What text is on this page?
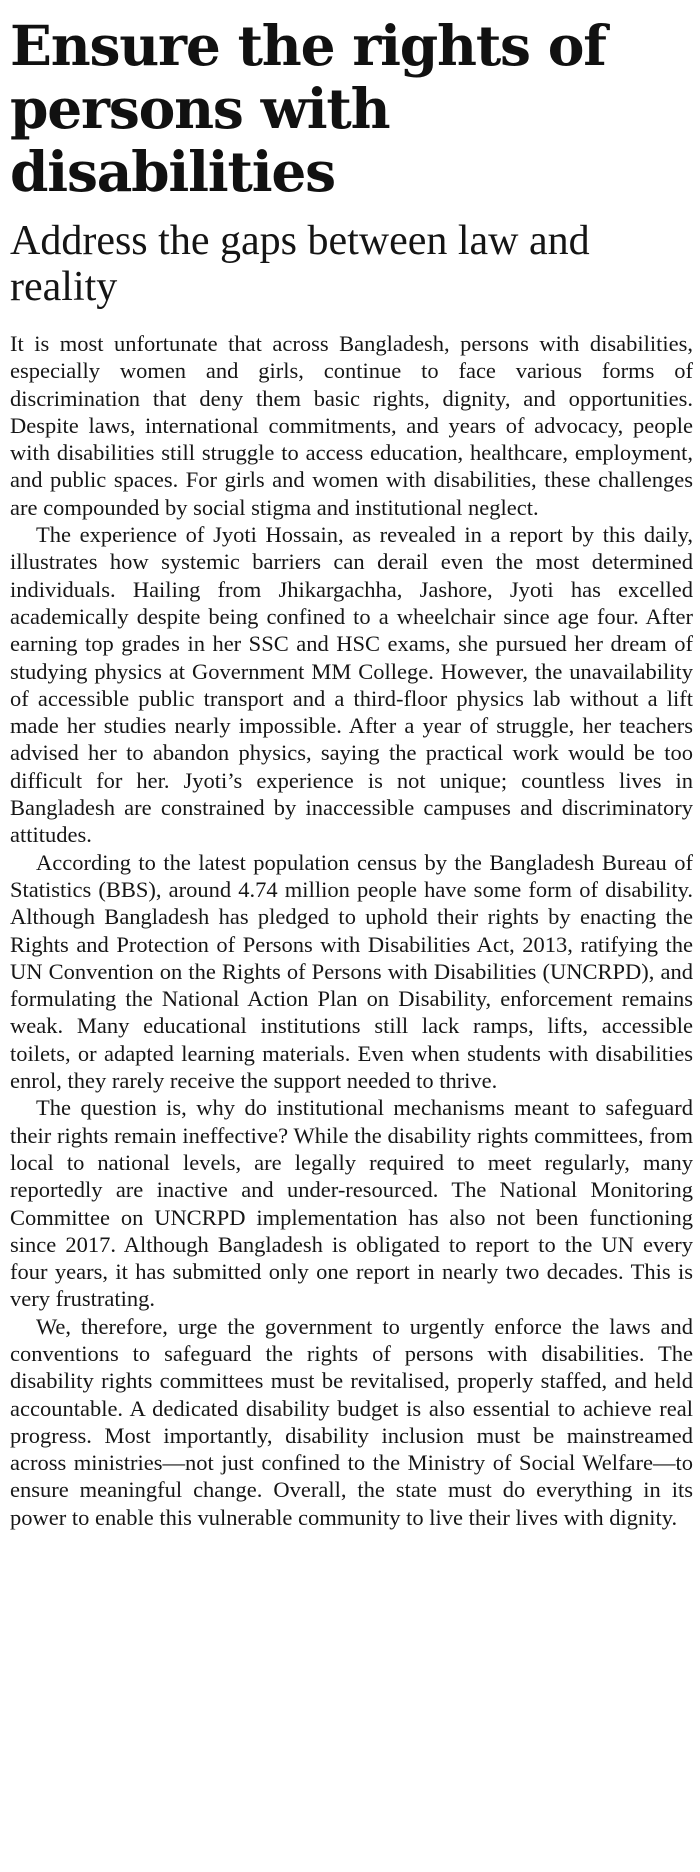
Ensure the rights of persons with disabilities
Address the gaps between law and reality

It is most unfortunate that across Bangladesh, persons with disabilities, especially women and girls, continue to face various forms of discrimination that deny them basic rights, dignity, and opportunities. Despite laws, international commitments, and years of advocacy, people with disabilities still struggle to access education, healthcare, employment, and public spaces. For girls and women with disabilities, these challenges are compounded by social stigma and institutional neglect.

The experience of Jyoti Hossain, as revealed in a report by this daily, illustrates how systemic barriers can derail even the most determined individuals. Hailing from Jhikargachha, Jashore, Jyoti has excelled academically despite being confined to a wheelchair since age four. After earning top grades in her SSC and HSC exams, she pursued her dream of studying physics at Government MM College. However, the unavailability of accessible public transport and a third-floor physics lab without a lift made her studies nearly impossible. After a year of struggle, her teachers advised her to abandon physics, saying the practical work would be too difficult for her. Jyoti’s experience is not unique; countless lives in Bangladesh are constrained by inaccessible campuses and discriminatory attitudes.

According to the latest population census by the Bangladesh Bureau of Statistics (BBS), around 4.74 million people have some form of disability. Although Bangladesh has pledged to uphold their rights by enacting the Rights and Protection of Persons with Disabilities Act, 2013, ratifying the UN Convention on the Rights of Persons with Disabilities (UNCRPD), and formulating the National Action Plan on Disability, enforcement remains weak. Many educational institutions still lack ramps, lifts, accessible toilets, or adapted learning materials. Even when students with disabilities enrol, they rarely receive the support needed to thrive.

The question is, why do institutional mechanisms meant to safeguard their rights remain ineffective? While the disability rights committees, from local to national levels, are legally required to meet regularly, many reportedly are inactive and under-resourced. The National Monitoring Committee on UNCRPD implementation has also not been functioning since 2017. Although Bangladesh is obligated to report to the UN every four years, it has submitted only one report in nearly two decades. This is very frustrating.

We, therefore, urge the government to urgently enforce the laws and conventions to safeguard the rights of persons with disabilities. The disability rights committees must be revitalised, properly staffed, and held accountable. A dedicated disability budget is also essential to achieve real progress. Most importantly, disability inclusion must be mainstreamed across ministries—not just confined to the Ministry of Social Welfare—to ensure meaningful change. Overall, the state must do everything in its power to enable this vulnerable community to live their lives with dignity.
